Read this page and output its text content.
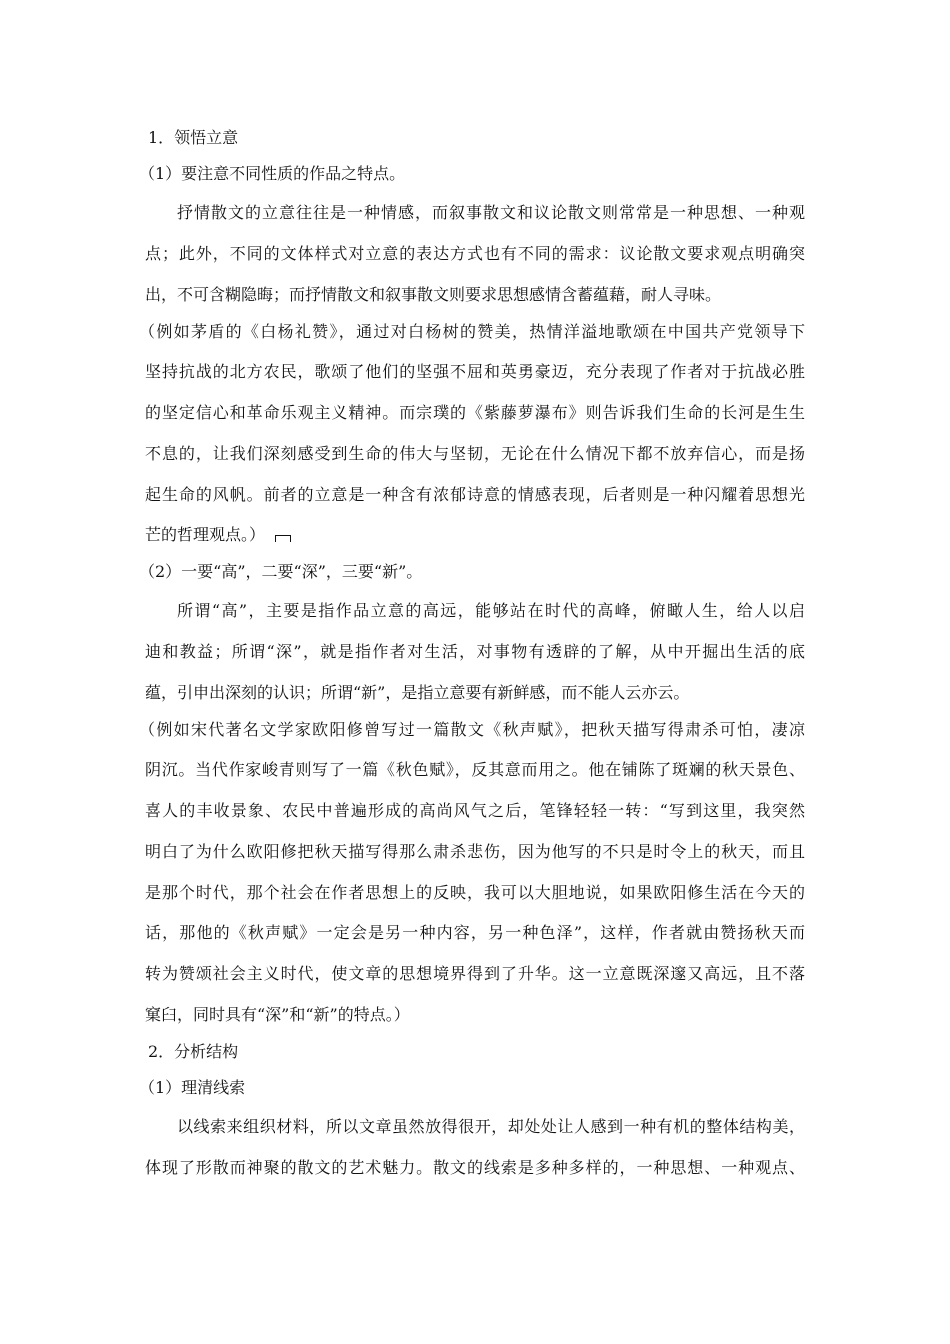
1．领悟立意
（1）要注意不同性质的作品之特点。
抒情散文的立意往往是一种情感，而叙事散文和议论散文则常常是一种思想、一种观
点；此外，不同的文体样式对立意的表达方式也有不同的需求：议论散文要求观点明确突
出，不可含糊隐晦；而抒情散文和叙事散文则要求思想感情含蓄蕴藉，耐人寻味。
（例如茅盾的《白杨礼赞》，通过对白杨树的赞美，热情洋溢地歌颂在中国共产党领导下
坚持抗战的北方农民，歌颂了他们的坚强不屈和英勇豪迈，充分表现了作者对于抗战必胜
的坚定信心和革命乐观主义精神。而宗璞的《紫藤萝瀑布》则告诉我们生命的长河是生生
不息的，让我们深刻感受到生命的伟大与坚韧，无论在什么情况下都不放弃信心，而是扬
起生命的风帆。前者的立意是一种含有浓郁诗意的情感表现，后者则是一种闪耀着思想光
芒的哲理观点。）
（2）一要“高”，二要“深”，三要“新”。
所谓“高”，主要是指作品立意的高远，能够站在时代的高峰，俯瞰人生，给人以启
迪和教益；所谓“深”，就是指作者对生活，对事物有透辟的了解，从中开掘出生活的底
蕴，引申出深刻的认识；所谓“新”，是指立意要有新鲜感，而不能人云亦云。
（例如宋代著名文学家欧阳修曾写过一篇散文《秋声赋》，把秋天描写得肃杀可怕，凄凉
阴沉。当代作家峻青则写了一篇《秋色赋》，反其意而用之。他在铺陈了斑斓的秋天景色、
喜人的丰收景象、农民中普遍形成的高尚风气之后，笔锋轻轻一转：“写到这里，我突然
明白了为什么欧阳修把秋天描写得那么肃杀悲伤，因为他写的不只是时令上的秋天，而且
是那个时代，那个社会在作者思想上的反映，我可以大胆地说，如果欧阳修生活在今天的
话，那他的《秋声赋》一定会是另一种内容，另一种色泽”，这样，作者就由赞扬秋天而
转为赞颂社会主义时代，使文章的思想境界得到了升华。这一立意既深邃又高远，且不落
窠臼，同时具有“深”和“新”的特点。）
2．分析结构
（1）理清线索
以线索来组织材料，所以文章虽然放得很开，却处处让人感到一种有机的整体结构美，
体现了形散而神聚的散文的艺术魅力。散文的线索是多种多样的，一种思想、一种观点、
